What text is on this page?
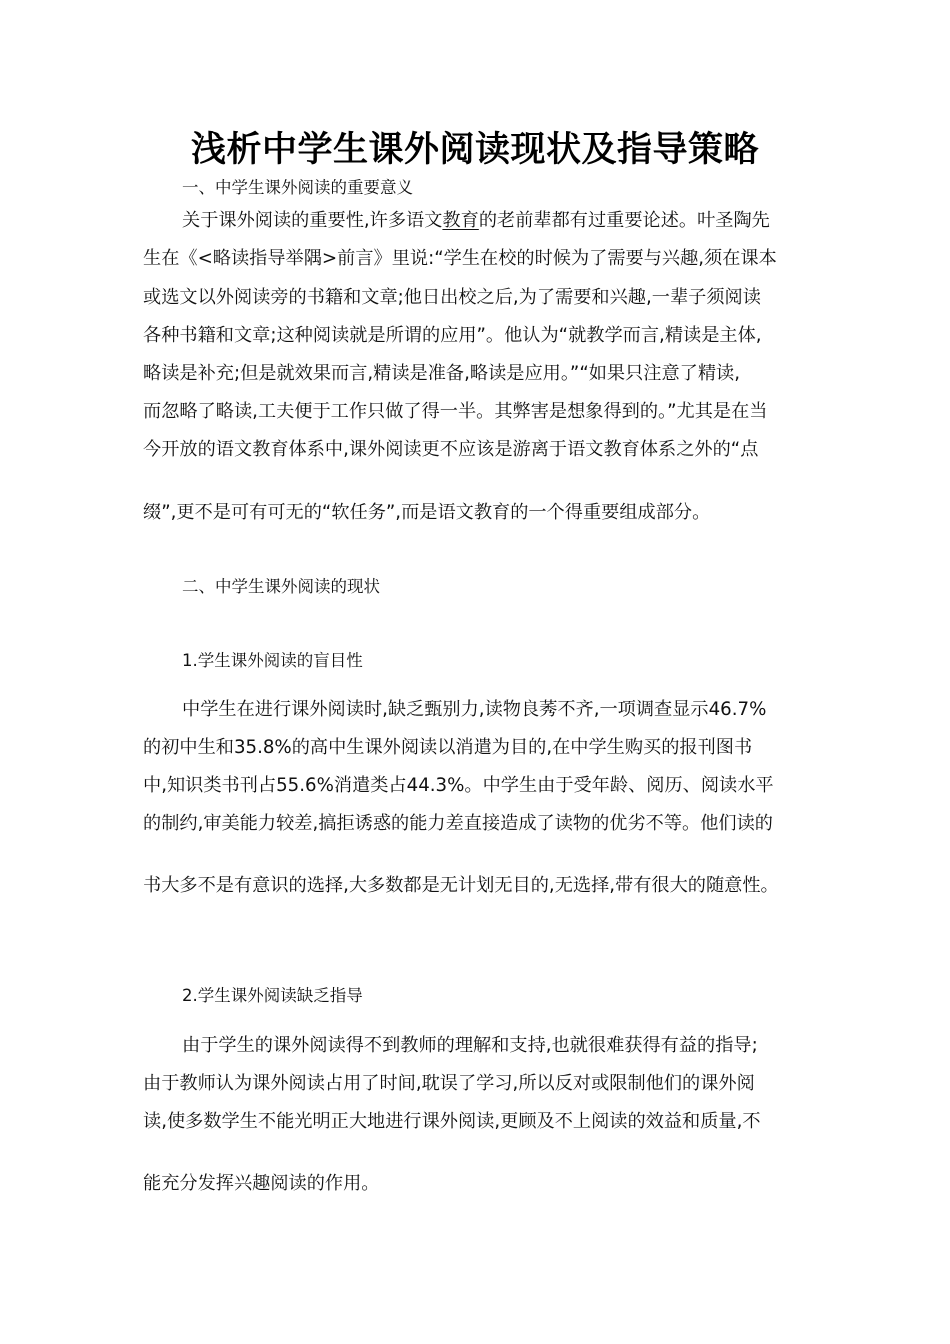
浅析中学生课外阅读现状及指导策略
一、中学生课外阅读的重要意义
关于课外阅读的重要性,许多语文教育的老前辈都有过重要论述。叶圣陶先
生在《<略读指导举隅>前言》里说:“学生在校的时候为了需要与兴趣,须在课本
或选文以外阅读旁的书籍和文章;他日出校之后,为了需要和兴趣,一辈子须阅读
各种书籍和文章;这种阅读就是所谓的应用”。他认为“就教学而言,精读是主体,
略读是补充;但是就效果而言,精读是准备,略读是应用。”“如果只注意了精读,
而忽略了略读,工夫便于工作只做了得一半。其弊害是想象得到的。”尤其是在当
今开放的语文教育体系中,课外阅读更不应该是游离于语文教育体系之外的“点
缀”,更不是可有可无的“软任务”,而是语文教育的一个得重要组成部分。
二、中学生课外阅读的现状
1.学生课外阅读的盲目性
中学生在进行课外阅读时,缺乏甄别力,读物良莠不齐,一项调查显示46.7%
的初中生和35.8%的高中生课外阅读以消遣为目的,在中学生购买的报刊图书
中,知识类书刊占55.6%消遣类占44.3%。中学生由于受年龄、阅历、阅读水平
的制约,审美能力较差,搞拒诱惑的能力差直接造成了读物的优劣不等。他们读的
书大多不是有意识的选择,大多数都是无计划无目的,无选择,带有很大的随意性。
2.学生课外阅读缺乏指导
由于学生的课外阅读得不到教师的理解和支持,也就很难获得有益的指导;
由于教师认为课外阅读占用了时间,耽误了学习,所以反对或限制他们的课外阅
读,使多数学生不能光明正大地进行课外阅读,更顾及不上阅读的效益和质量,不
能充分发挥兴趣阅读的作用。
